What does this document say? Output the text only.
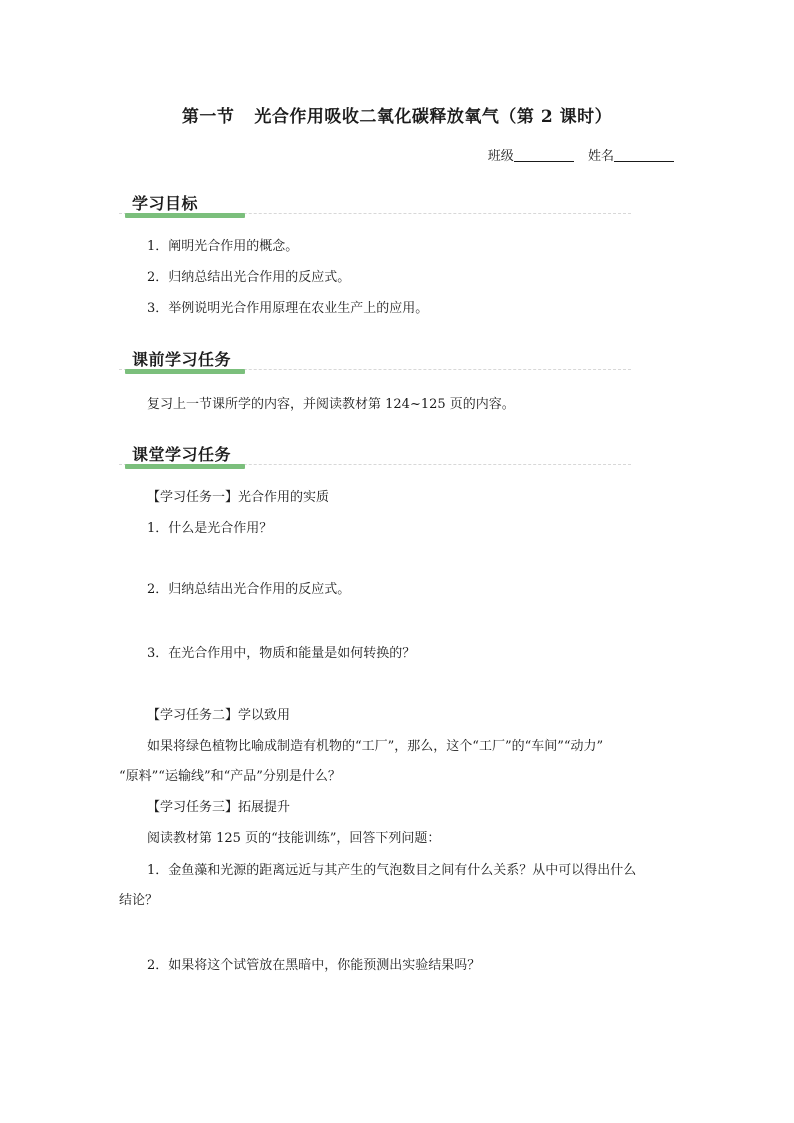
第一节 光合作用吸收二氧化碳释放氧气（第 2 课时）
班级	姓名
学习目标
1．阐明光合作用的概念。
2．归纳总结出光合作用的反应式。
3．举例说明光合作用原理在农业生产上的应用。
课前学习任务
复习上一节课所学的内容，并阅读教材第 124~125 页的内容。
课堂学习任务
【学习任务一】光合作用的实质
1．什么是光合作用？
2．归纳总结出光合作用的反应式。
3．在光合作用中，物质和能量是如何转换的？
【学习任务二】学以致用
如果将绿色植物比喻成制造有机物的“工厂”，那么，这个“工厂”的“车间”“动力”
“原料”“运输线”和“产品”分别是什么？
【学习任务三】拓展提升
阅读教材第 125 页的“技能训练”，回答下列问题：
1．金鱼藻和光源的距离远近与其产生的气泡数目之间有什么关系？从中可以得出什么
结论？
2．如果将这个试管放在黑暗中，你能预测出实验结果吗？
